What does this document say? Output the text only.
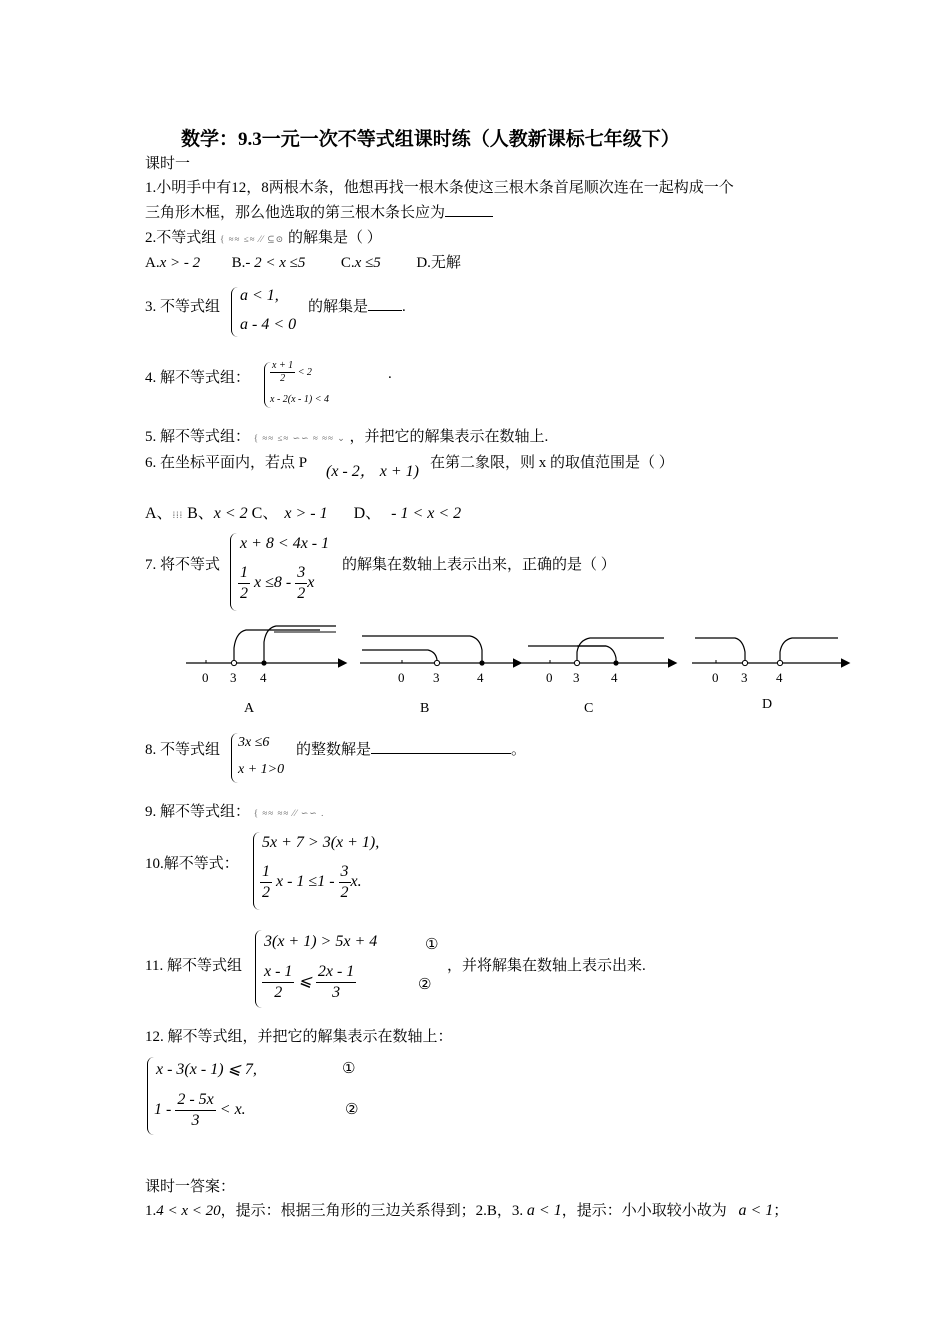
数学：9.3一元一次不等式组课时练（人教新课标七年级下）
课时一
1.小明手中有12，8两根木条，他想再找一根木条使这三根木条首尾顺次连在一起构成一个
三角形木框，那么他选取的第三根木条长应为
2.不等式组 { ≈≈ ≤≈ ⁄⁄ ⊆⊙ 的解集是（ ）
A.x > - 2 B.- 2 < x ≤5 C.x ≤5 D.无解
3. 不等式组
a < 1,
a - 4 < 0
的解集是 .
4. 解不等式组： $\frac{x + 1}{2} < 2$
x - 2(x - 1) < 4
.
5. 解不等式组： { ≈≈ ≤≈ ∽∽ ≈ ≈≈ ⌄ ，并把它的解集表示在数轴上.
6. 在坐标平面内，若点 P (x - 2， x + 1) 在第二象限，则 x 的取值范围是（ ）
A、⁞⁞⁞ B、x < 2 C、 x > - 1 D、 - 1 < x < 2
7. 将不等式
x + 8 < 4x - 1
$\frac{1}{2}$ $x \le 8 - \frac{3}{2}$ x
的解集在数轴上表示出来，正确的是（ ）
0 3 4
A
0 3	4
B
0 3 4
C
0 3 4
D
8. 不等式组 3x ≤6
x + 1>0
的整数解是	。
9. 解不等式组： { ≈≈ ≈≈ ⁄⁄ ∽∽ .
10.解不等式：
5x + 7 > 3(x + 1),
$\frac{1}{2}$ $x - 1 \le 1 - \frac{3}{2} x$.
11. 解不等式组
3(x + 1) > 5x + 4	①
$\frac{x - 1}{2}$ ⩽ $\frac{2x - 1}{3}$	②
，并将解集在数轴上表示出来.
12. 解不等式组，并把它的解集表示在数轴上：
x - 3(x - 1) ⩽ 7,	①
$1 - \frac{2 - 5x}{3} < x$.	②
课时一答案：
1.4 < x < 20，提示：根据三角形的三边关系得到；2.B，3. a < 1，提示：小小取较小故为 a < 1；
